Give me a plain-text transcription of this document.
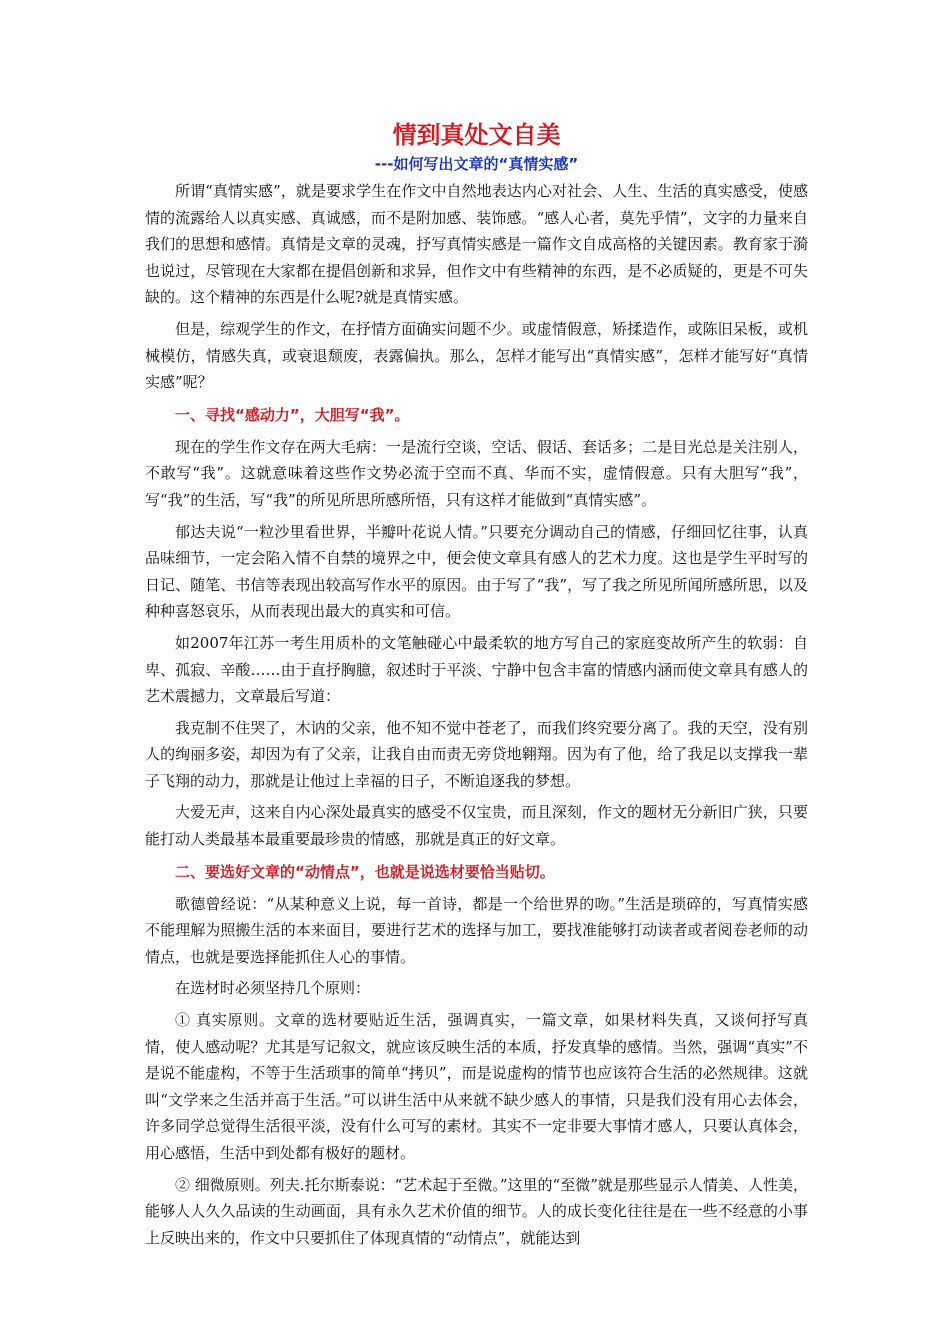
情到真处文自美
---如何写出文章的“真情实感”

所谓“真情实感”，就是要求学生在作文中自然地表达内心对社会、人生、生活的真实感受，使感情的流露给人以真实感、真诚感，而不是附加感、装饰感。“感人心者，莫先乎情”，文字的力量来自我们的思想和感情。真情是文章的灵魂，抒写真情实感是一篇作文自成高格的关键因素。教育家于漪也说过，尽管现在大家都在提倡创新和求异，但作文中有些精神的东西，是不必质疑的，更是不可失缺的。这个精神的东西是什么呢?就是真情实感。

但是，综观学生的作文，在抒情方面确实问题不少。或虚情假意，矫揉造作，或陈旧呆板，或机械模仿，情感失真，或衰退颓废，表露偏执。那么，怎样才能写出“真情实感”，怎样才能写好“真情实感”呢？

一、寻找“感动力”，大胆写“我”。

现在的学生作文存在两大毛病：一是流行空谈，空话、假话、套话多；二是目光总是关注别人，不敢写“我”。这就意味着这些作文势必流于空而不真、华而不实，虚情假意。只有大胆写“我”，写“我”的生活，写“我”的所见所思所感所悟，只有这样才能做到“真情实感”。

郁达夫说“一粒沙里看世界，半瓣叶花说人情。”只要充分调动自己的情感，仔细回忆往事，认真品味细节，一定会陷入情不自禁的境界之中，便会使文章具有感人的艺术力度。这也是学生平时写的日记、随笔、书信等表现出较高写作水平的原因。由于写了“我”，写了我之所见所闻所感所思，以及种种喜怒哀乐，从而表现出最大的真实和可信。

如2007年江苏一考生用质朴的文笔触碰心中最柔软的地方写自己的家庭变故所产生的软弱：自卑、孤寂、辛酸……由于直抒胸臆，叙述时于平淡、宁静中包含丰富的情感内涵而使文章具有感人的艺术震撼力，文章最后写道：

我克制不住哭了，木讷的父亲，他不知不觉中苍老了，而我们终究要分离了。我的天空，没有别人的绚丽多姿，却因为有了父亲，让我自由而责无旁贷地翱翔。因为有了他，给了我足以支撑我一辈子飞翔的动力，那就是让他过上幸福的日子，不断追逐我的梦想。

大爱无声，这来自内心深处最真实的感受不仅宝贵，而且深刻，作文的题材无分新旧广狭，只要能打动人类最基本最重要最珍贵的情感，那就是真正的好文章。

二、要选好文章的“动情点”，也就是说选材要恰当贴切。

歌德曾经说：“从某种意义上说，每一首诗，都是一个给世界的吻。”生活是琐碎的，写真情实感不能理解为照搬生活的本来面目，要进行艺术的选择与加工，要找准能够打动读者或者阅卷老师的动情点，也就是要选择能抓住人心的事情。

在选材时必须坚持几个原则：

① 真实原则。文章的选材要贴近生活，强调真实，一篇文章，如果材料失真，又谈何抒写真情，使人感动呢？尤其是写记叙文，就应该反映生活的本质，抒发真挚的感情。当然，强调“真实”不是说不能虚构，不等于生活琐事的简单“拷贝”，而是说虚构的情节也应该符合生活的必然规律。这就叫“文学来之生活并高于生活。”可以讲生活中从来就不缺少感人的事情，只是我们没有用心去体会，许多同学总觉得生活很平淡，没有什么可写的素材。其实不一定非要大事情才感人，只要认真体会，用心感悟，生活中到处都有极好的题材。

② 细微原则。列夫.托尔斯泰说：“艺术起于至微。”这里的“至微”就是那些显示人情美、人性美，能够人人久久品读的生动画面，具有永久艺术价值的细节。人的成长变化往往是在一些不经意的小事上反映出来的，作文中只要抓住了体现真情的“动情点”，就能达到
